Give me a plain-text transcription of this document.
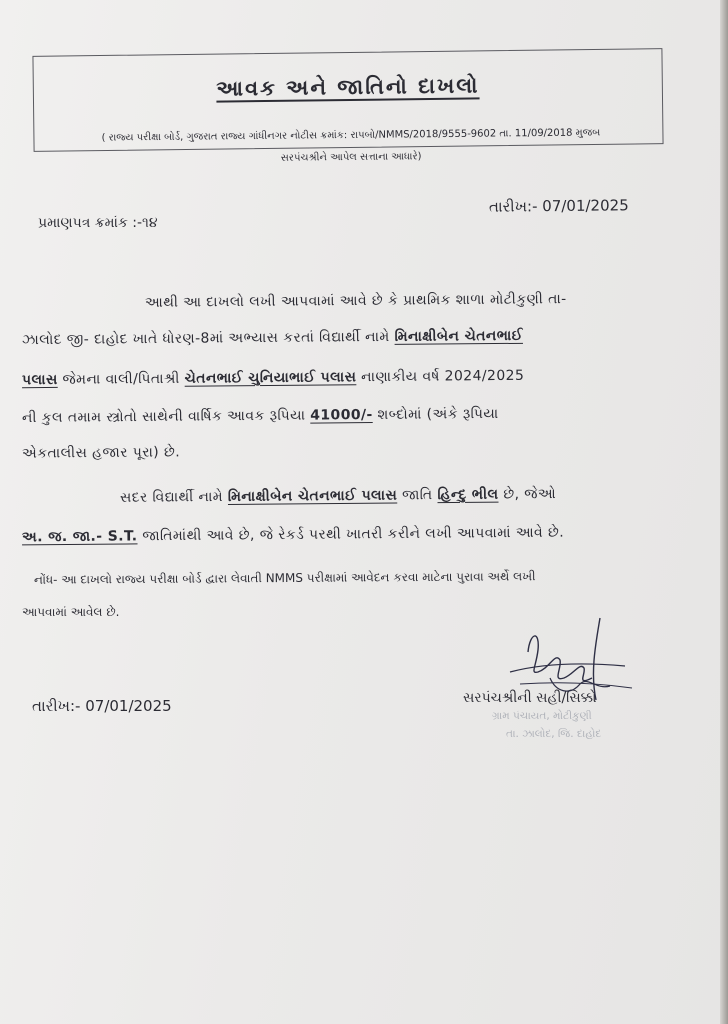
આવક અને જાતિનો દાખલો
( રાજ્ય પરીક્ષા બોર્ડ, ગુજરાત રાજ્ય ગાંધીનગર નોટીસ ક્રમાંક: રાપબો/NMMS/2018/9555-9602 તા. 11/09/2018 મુજબ
સરપંચશ્રીને આપેલ સત્તાના આધારે)
તારીખ:- 07/01/2025
પ્રમાણપત્ર ક્રમાંક :-૧૪
આથી આ દાખલો લખી આપવામાં આવે છે કે પ્રાથમિક શાળા મોટીકુણી તા-
ઝાલોદ જી- દાહોદ ખાતે ધોરણ-8માં અભ્યાસ કરતાં વિદ્યાર્થી નામે મિનાક્ષીબેન ચેતનભાઈ
પલાસ જેમના વાલી/પિતાશ્રી ચેતનભાઈ ચુનિયાભાઈ પલાસ નાણાકીય વર્ષ 2024/2025
ની કુલ તમામ સ્ત્રોતો સાથેની વાર્ષિક આવક રૂપિયા 41000/- શબ્દોમાં (અંકે રૂપિયા
એકતાલીસ હજાર પૂરા) છે.
સદર વિદ્યાર્થી નામે મિનાક્ષીબેન ચેતનભાઈ પલાસ જાતિ હિન્દુ ભીલ છે, જેઓ
અ. જ. જા.- S.T. જાતિમાંથી આવે છે, જે રેકર્ડ પરથી ખાતરી કરીને લખી આપવામાં આવે છે.
નોંધ- આ દાખલો રાજ્ય પરીક્ષા બોર્ડ દ્વારા લેવાતી NMMS પરીક્ષામાં આવેદન કરવા માટેના પુરાવા અર્થે લખી
આપવામાં આવેલ છે.
તારીખ:- 07/01/2025
ગ્રામ પંચાયત, મોટીકુણી
તા. ઝાલોદ, જિ. દાહોદ
સરપંચશ્રીની સહી/સિક્કો
